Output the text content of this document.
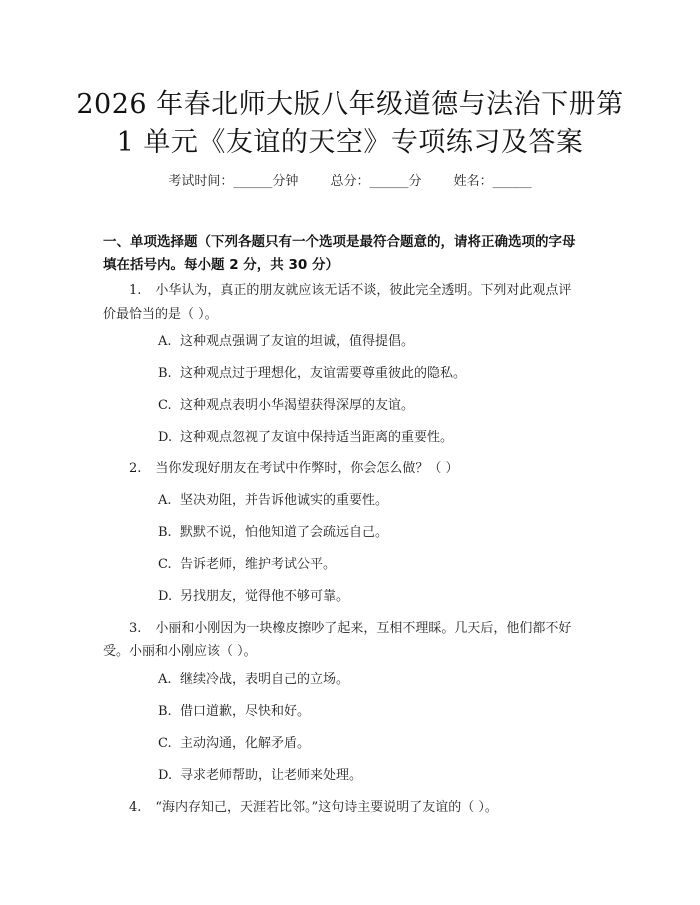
2026 年春北师大版八年级道德与法治下册第
1 单元《友谊的天空》专项练习及答案
考试时间：______分钟 总分：______分 姓名：______
一、单项选择题（下列各题只有一个选项是最符合题意的，请将正确选项的字母
填在括号内。每小题 2 分，共 30 分）
1. 小华认为，真正的朋友就应该无话不谈，彼此完全透明。下列对此观点评
价最恰当的是（ ）。
A. 这种观点强调了友谊的坦诚，值得提倡。
B. 这种观点过于理想化，友谊需要尊重彼此的隐私。
C. 这种观点表明小华渴望获得深厚的友谊。
D. 这种观点忽视了友谊中保持适当距离的重要性。
2. 当你发现好朋友在考试中作弊时，你会怎么做？（ ）
A. 坚决劝阻，并告诉他诚实的重要性。
B. 默默不说，怕他知道了会疏远自己。
C. 告诉老师，维护考试公平。
D. 另找朋友，觉得他不够可靠。
3. 小丽和小刚因为一块橡皮擦吵了起来，互相不理睬。几天后，他们都不好
受。小丽和小刚应该（ ）。
A. 继续冷战，表明自己的立场。
B. 借口道歉，尽快和好。
C. 主动沟通，化解矛盾。
D. 寻求老师帮助，让老师来处理。
4. “海内存知己，天涯若比邻。”这句诗主要说明了友谊的（ ）。
